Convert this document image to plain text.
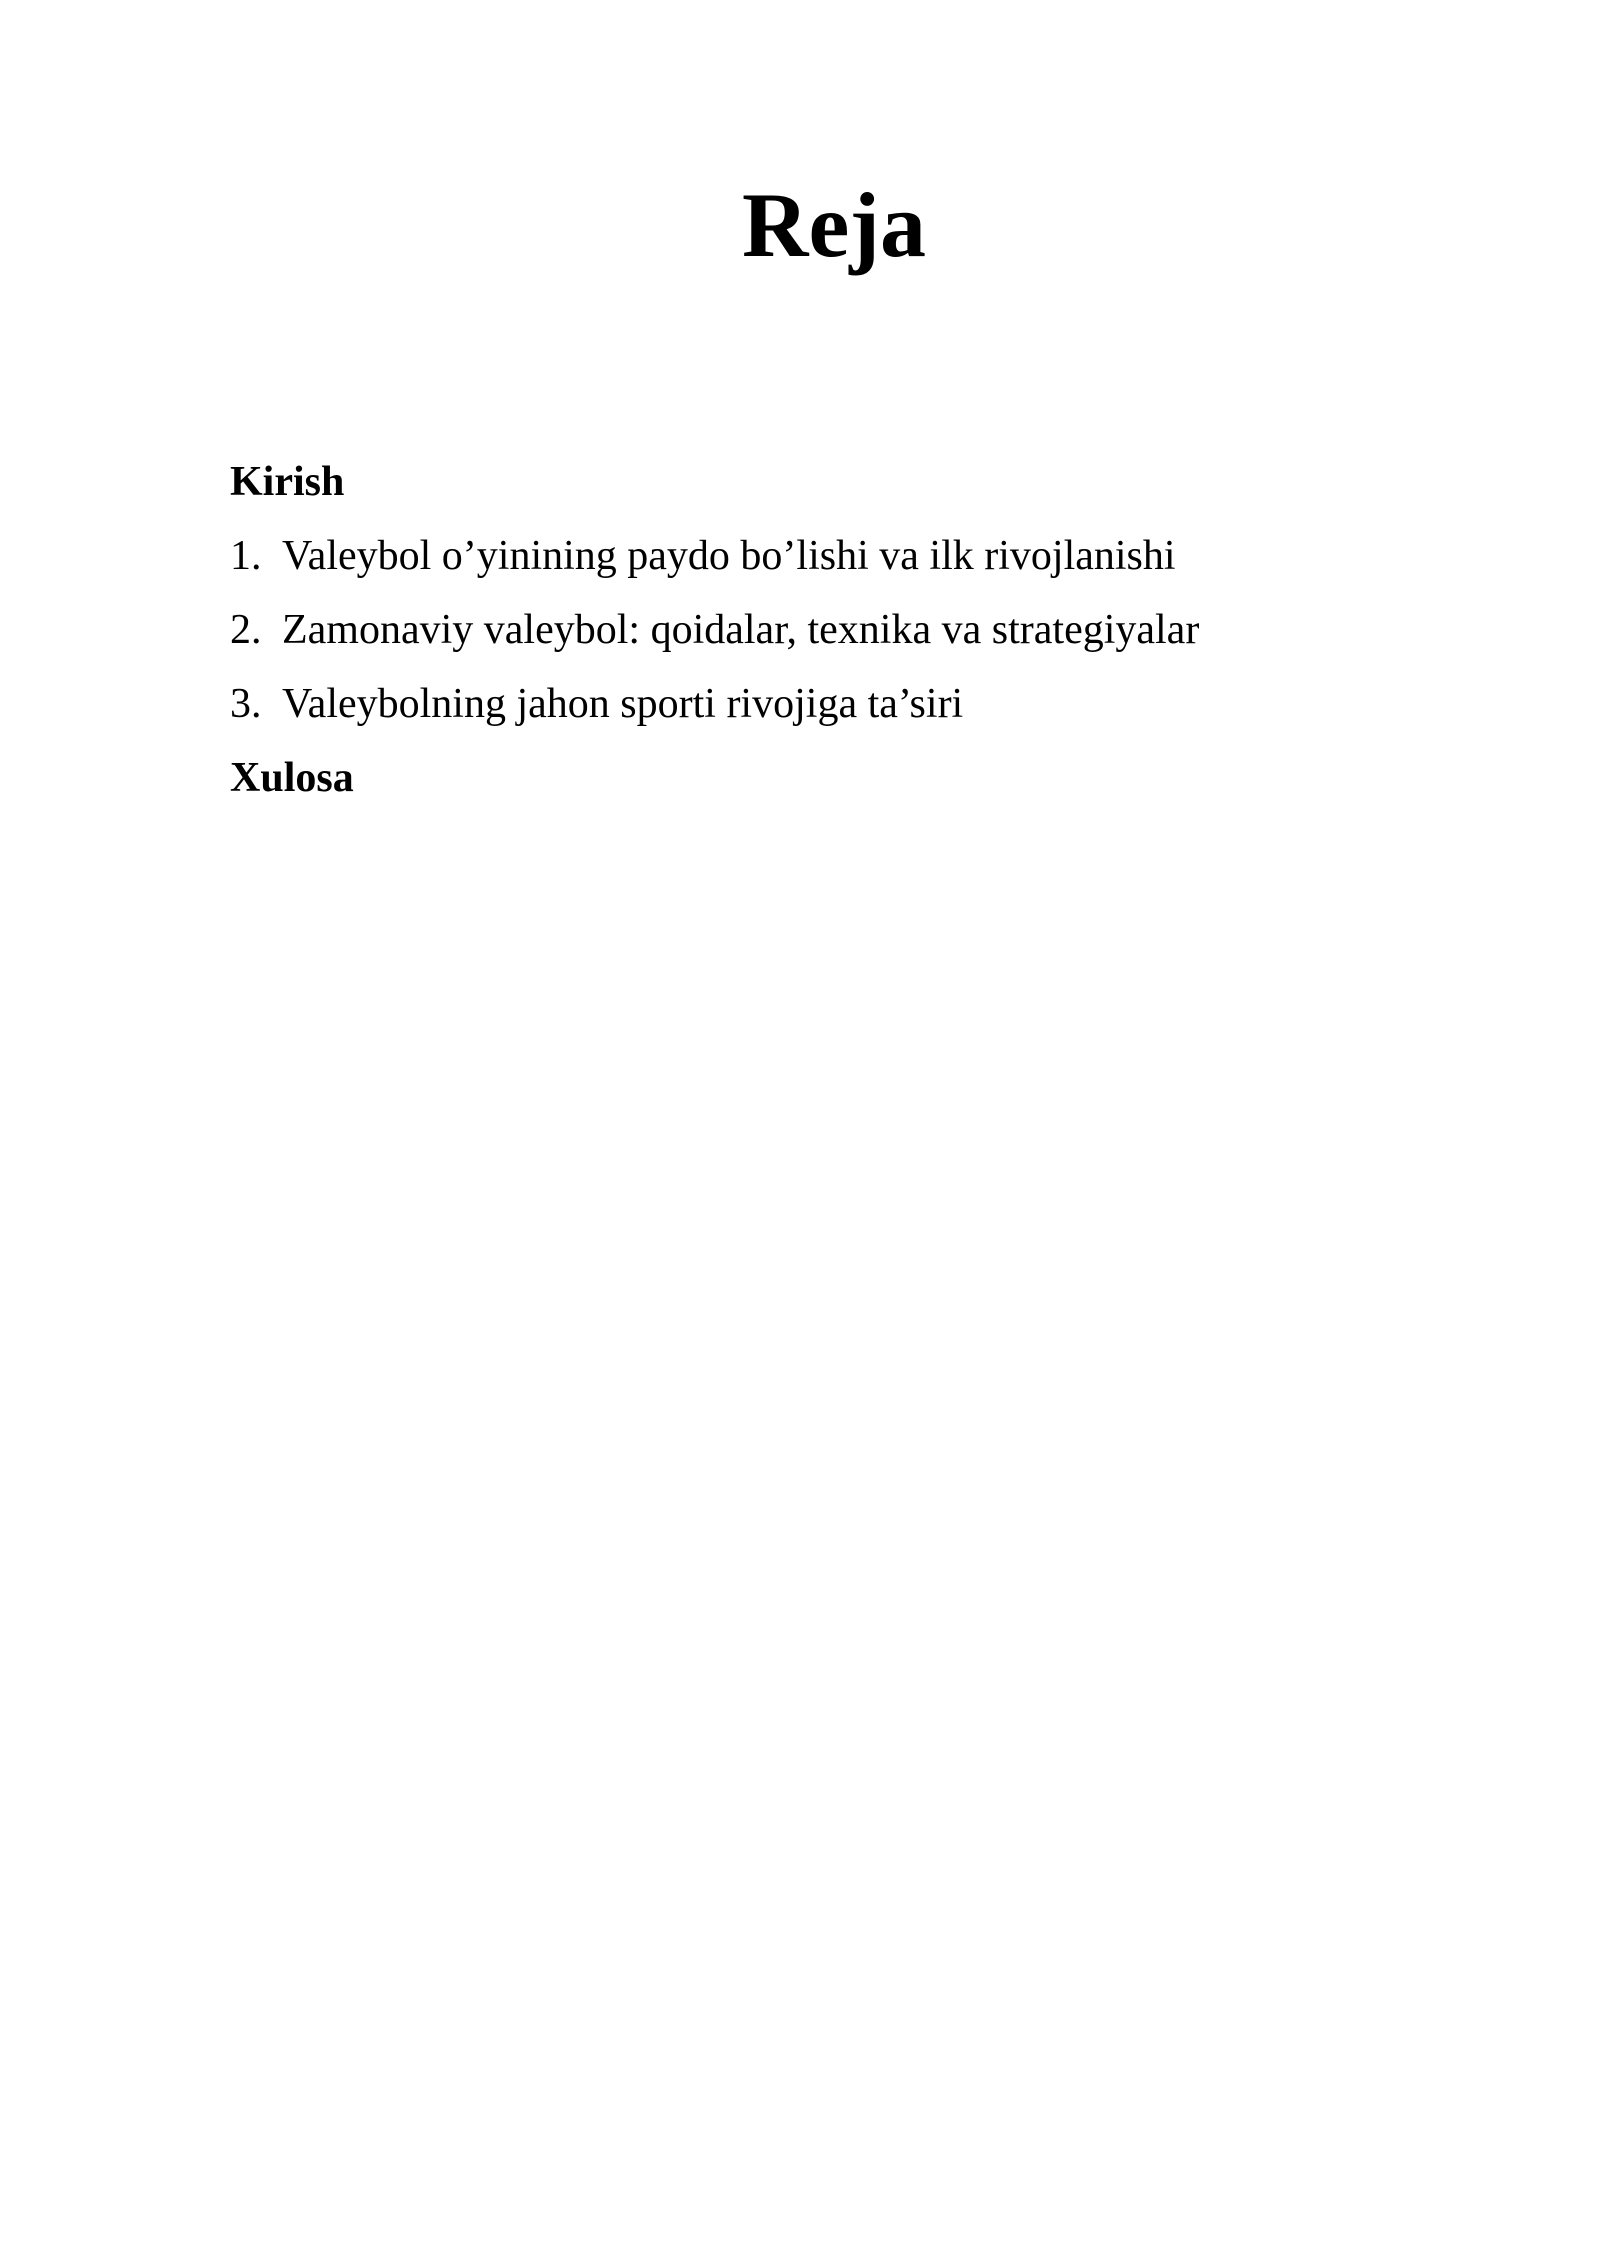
Reja
Kirish
1. Valeybol o’yinining paydo bo’lishi va ilk rivojlanishi
2. Zamonaviy valeybol: qoidalar, texnika va strategiyalar
3. Valeybolning jahon sporti rivojiga ta’siri
Xulosa
